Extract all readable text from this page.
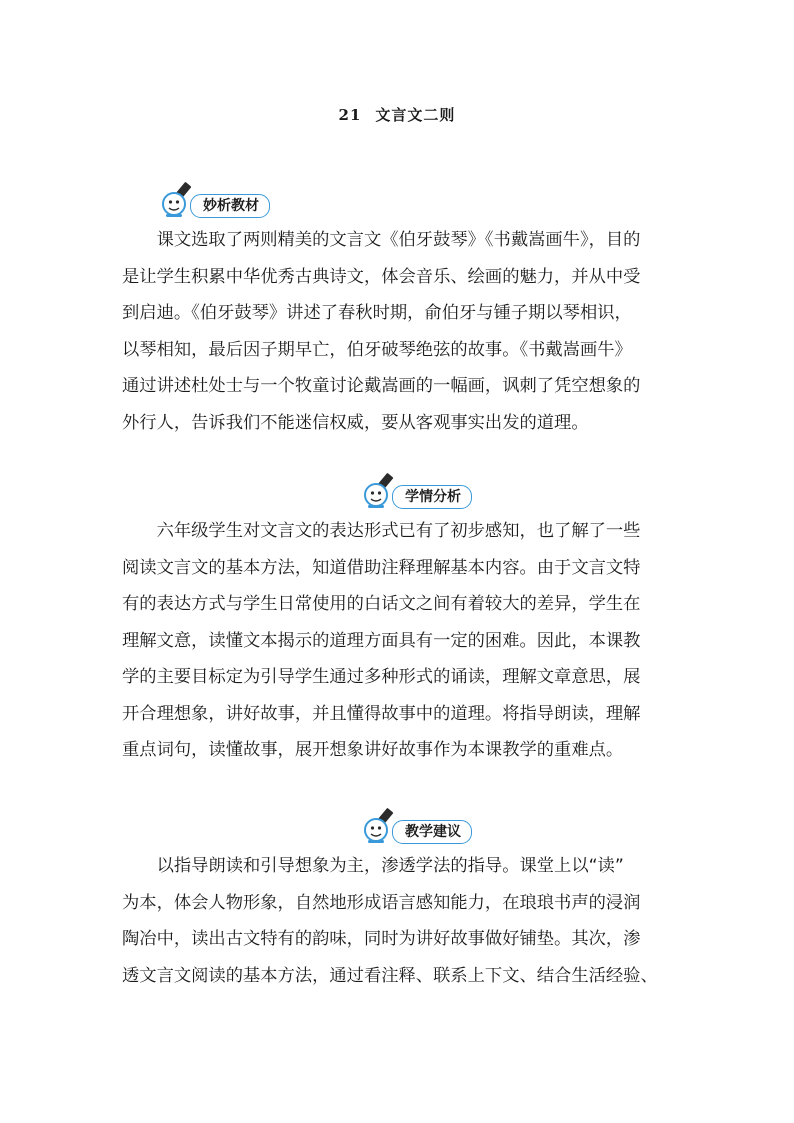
21 文言文二则
妙析教材
　　课文选取了两则精美的文言文《伯牙鼓琴》《书戴嵩画牛》，目的
是让学生积累中华优秀古典诗文，体会音乐、绘画的魅力，并从中受
到启迪。《伯牙鼓琴》讲述了春秋时期，俞伯牙与锺子期以琴相识，
以琴相知，最后因子期早亡，伯牙破琴绝弦的故事。《书戴嵩画牛》
通过讲述杜处士与一个牧童讨论戴嵩画的一幅画，讽刺了凭空想象的
外行人，告诉我们不能迷信权威，要从客观事实出发的道理。
学情分析
　　六年级学生对文言文的表达形式已有了初步感知，也了解了一些
阅读文言文的基本方法，知道借助注释理解基本内容。由于文言文特
有的表达方式与学生日常使用的白话文之间有着较大的差异，学生在
理解文意，读懂文本揭示的道理方面具有一定的困难。因此，本课教
学的主要目标定为引导学生通过多种形式的诵读，理解文章意思，展
开合理想象，讲好故事，并且懂得故事中的道理。将指导朗读，理解
重点词句，读懂故事，展开想象讲好故事作为本课教学的重难点。
教学建议
　　以指导朗读和引导想象为主，渗透学法的指导。课堂上以“读”
为本，体会人物形象，自然地形成语言感知能力，在琅琅书声的浸润
陶冶中，读出古文特有的韵味，同时为讲好故事做好铺垫。其次，渗
透文言文阅读的基本方法，通过看注释、联系上下文、结合生活经验、
